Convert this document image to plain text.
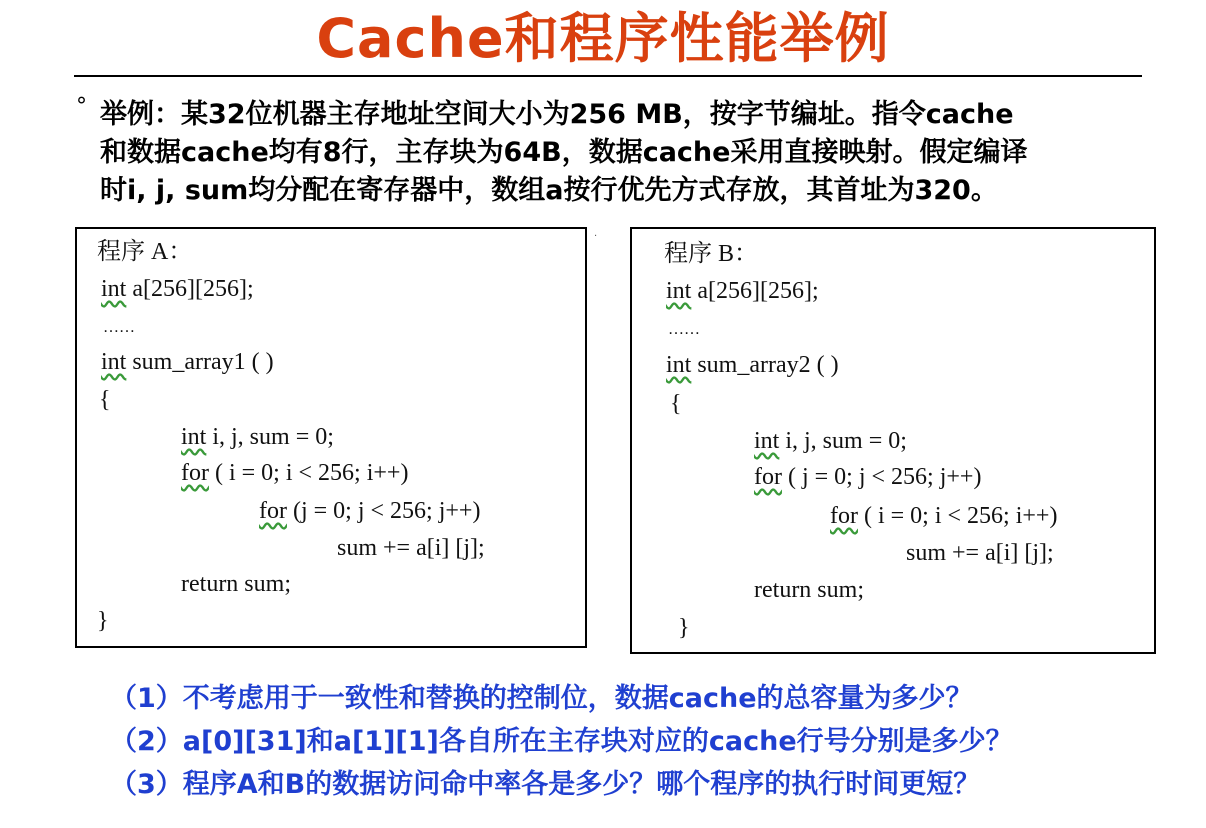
Cache和程序性能举例
° 举例：某32位机器主存地址空间大小为256 MB，按字节编址。指令cache
和数据cache均有8行，主存块为64B，数据cache采用直接映射。假定编译
时i, j, sum均分配在寄存器中，数组a按行优先方式存放，其首址为320。
程序 A：
int a[256][256];
……
int sum_array1 ( )
{
int i, j, sum = 0;
for ( i = 0; i < 256; i++)
for (j = 0; j < 256; j++)
sum += a[i] [j];
return sum;
}
.
程序 B：
int a[256][256];
……
int sum_array2 ( )
{
int i, j, sum = 0;
for ( j = 0; j < 256; j++)
for ( i = 0; i < 256; i++)
sum += a[i] [j];
return sum;
}
（1）不考虑用于一致性和替换的控制位，数据cache的总容量为多少？
（2）a[0][31]和a[1][1]各自所在主存块对应的cache行号分别是多少？
（3）程序A和B的数据访问命中率各是多少？哪个程序的执行时间更短？
